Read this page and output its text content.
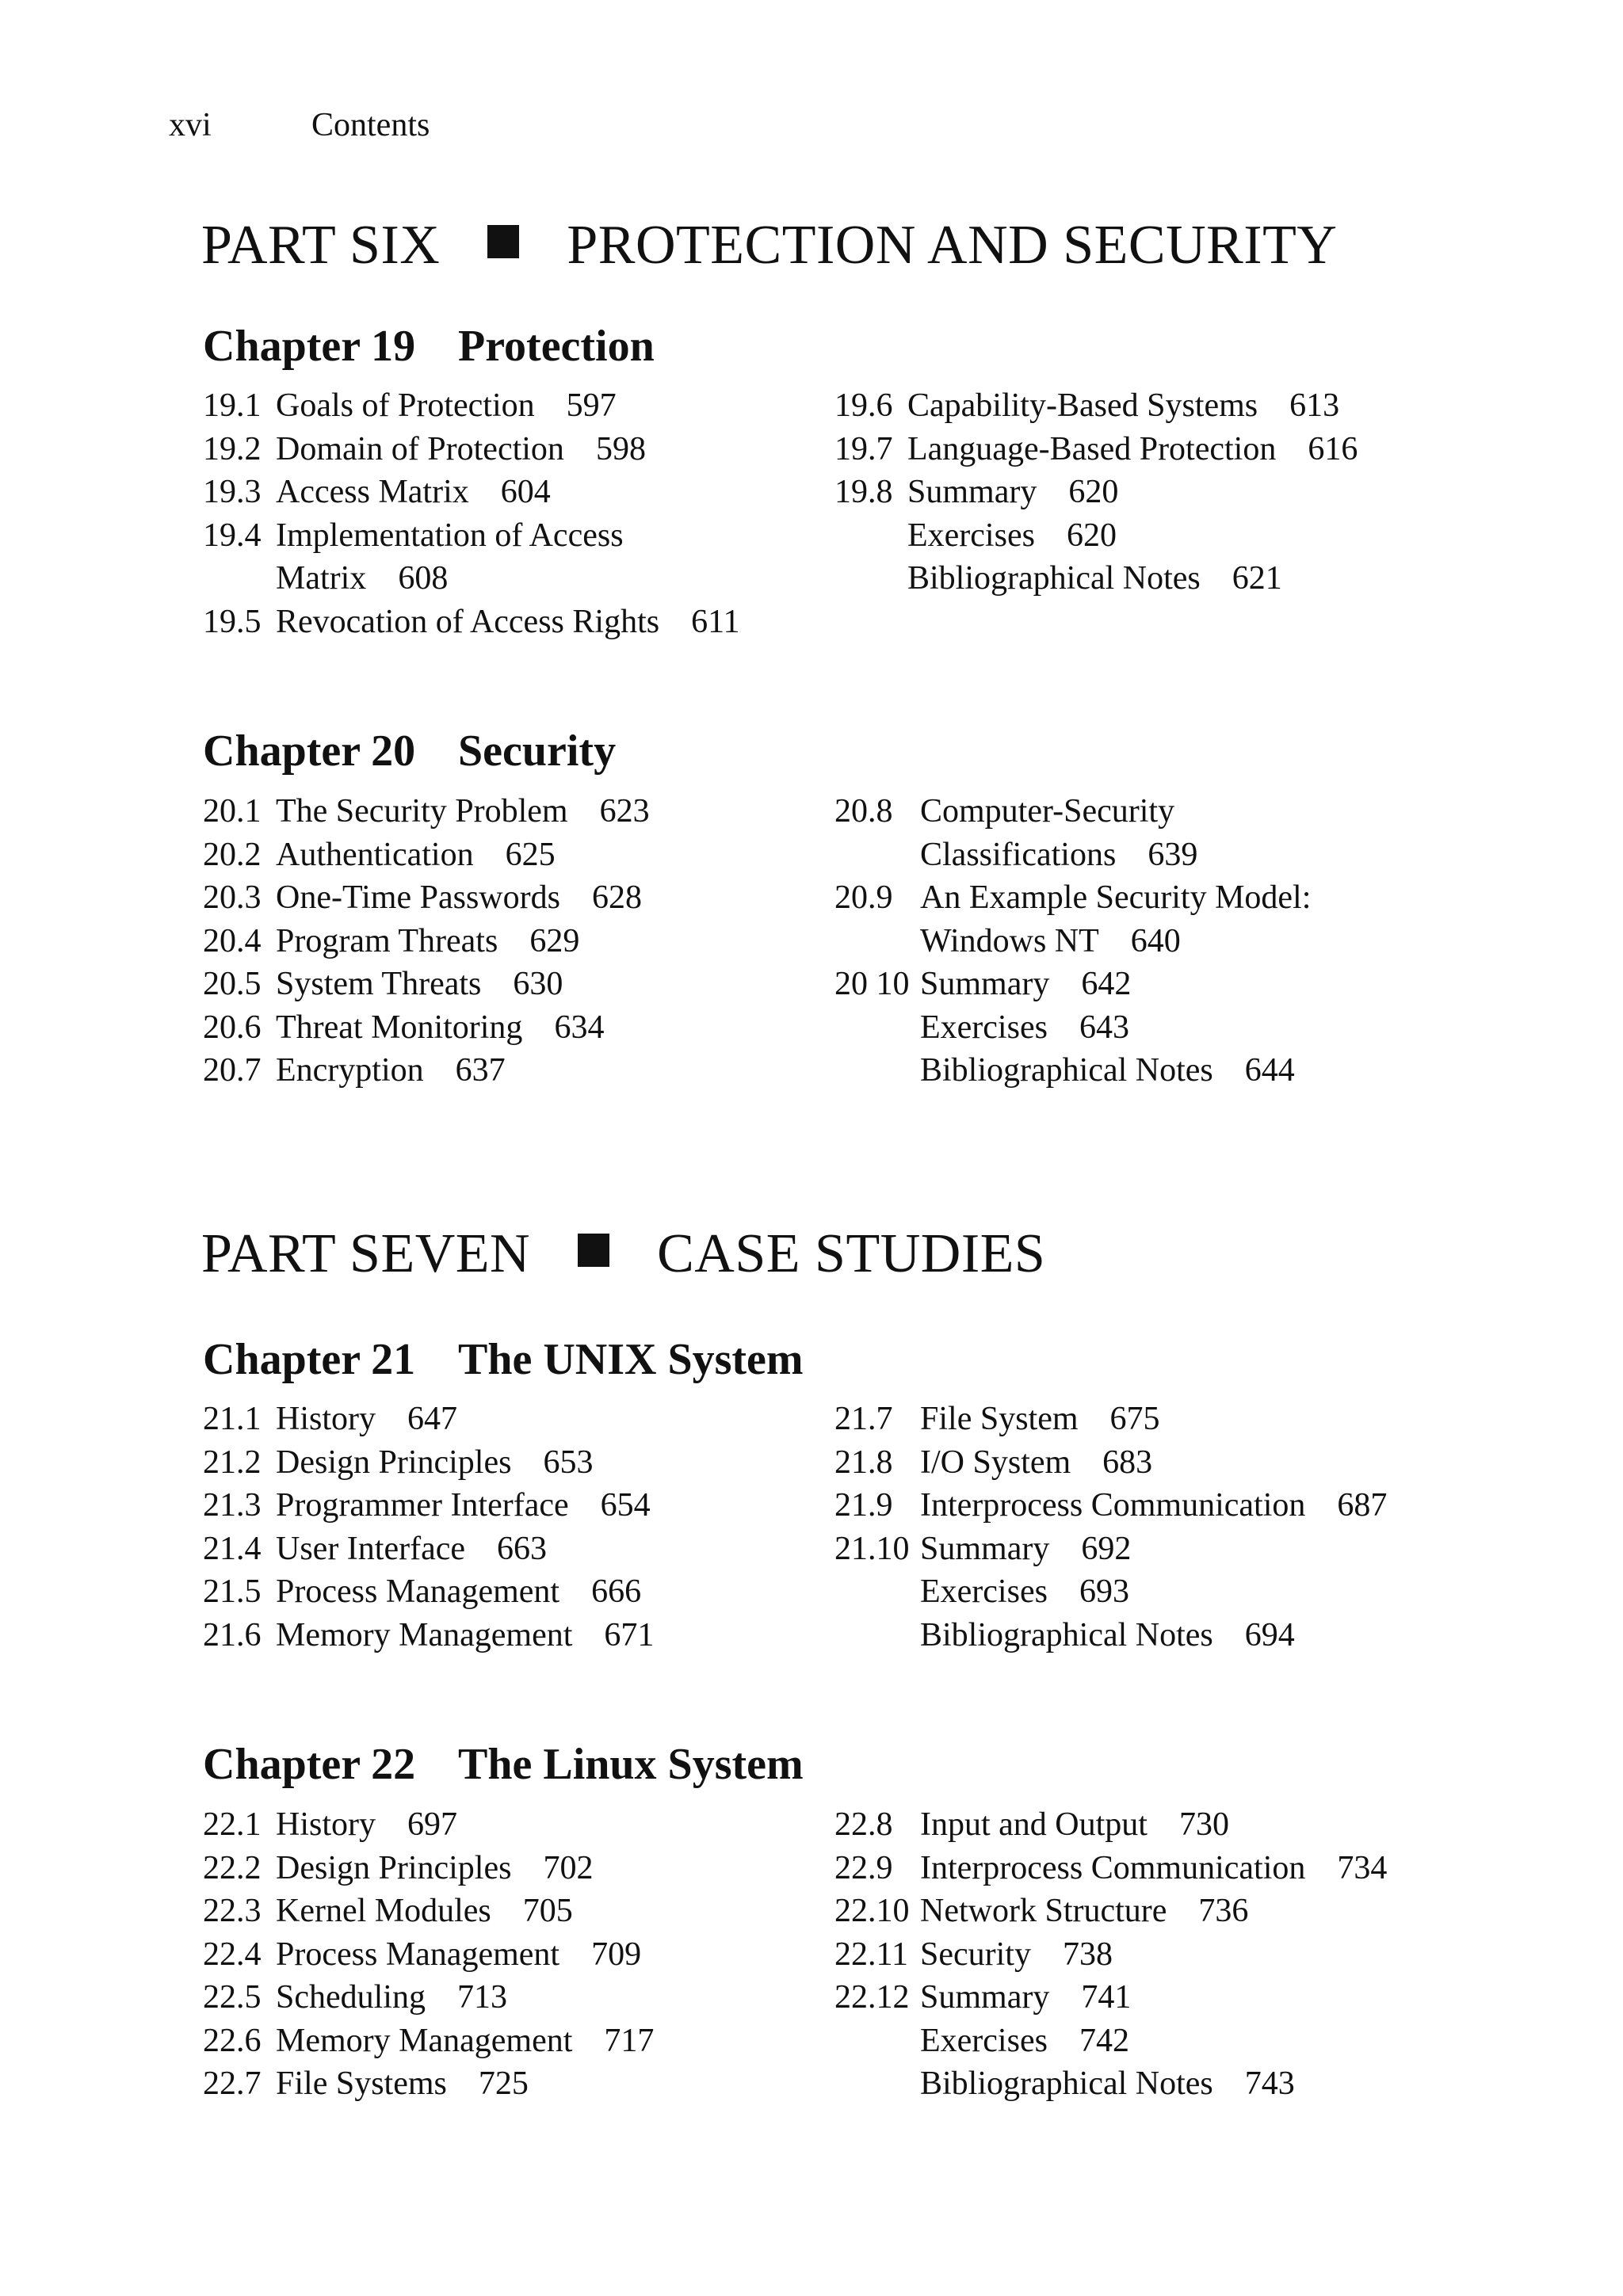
xvi	Contents
PART SIX PROTECTION AND SECURITY
Chapter 19 Protection
19.1 Goals of Protection 597
19.2 Domain of Protection 598
19.3 Access Matrix 604
19.4 Implementation of Access
Matrix 608
19.5 Revocation of Access Rights 611
19.6 Capability-Based Systems 613
19.7 Language-Based Protection 616
19.8 Summary 620
Exercises 620
Bibliographical Notes 621
Chapter 20 Security
20.1 The Security Problem 623
20.2 Authentication 625
20.3 One-Time Passwords 628
20.4 Program Threats 629
20.5 System Threats 630
20.6 Threat Monitoring 634
20.7 Encryption 637
20.8 Computer-Security
Classifications 639
20.9 An Example Security Model:
Windows NT 640
20 10 Summary 642
Exercises 643
Bibliographical Notes 644
PART SEVEN CASE STUDIES
Chapter 21 The UNIX System
21.1 History 647
21.2 Design Principles 653
21.3 Programmer Interface 654
21.4 User Interface 663
21.5 Process Management 666
21.6 Memory Management 671
21.7 File System 675
21.8 I/O System 683
21.9 Interprocess Communication 687
21.10 Summary 692
Exercises 693
Bibliographical Notes 694
Chapter 22 The Linux System
22.1 History 697
22.2 Design Principles 702
22.3 Kernel Modules 705
22.4 Process Management 709
22.5 Scheduling 713
22.6 Memory Management 717
22.7 File Systems 725
22.8 Input and Output 730
22.9 Interprocess Communication 734
22.10 Network Structure 736
22.11 Security 738
22.12 Summary 741
Exercises 742
Bibliographical Notes 743
